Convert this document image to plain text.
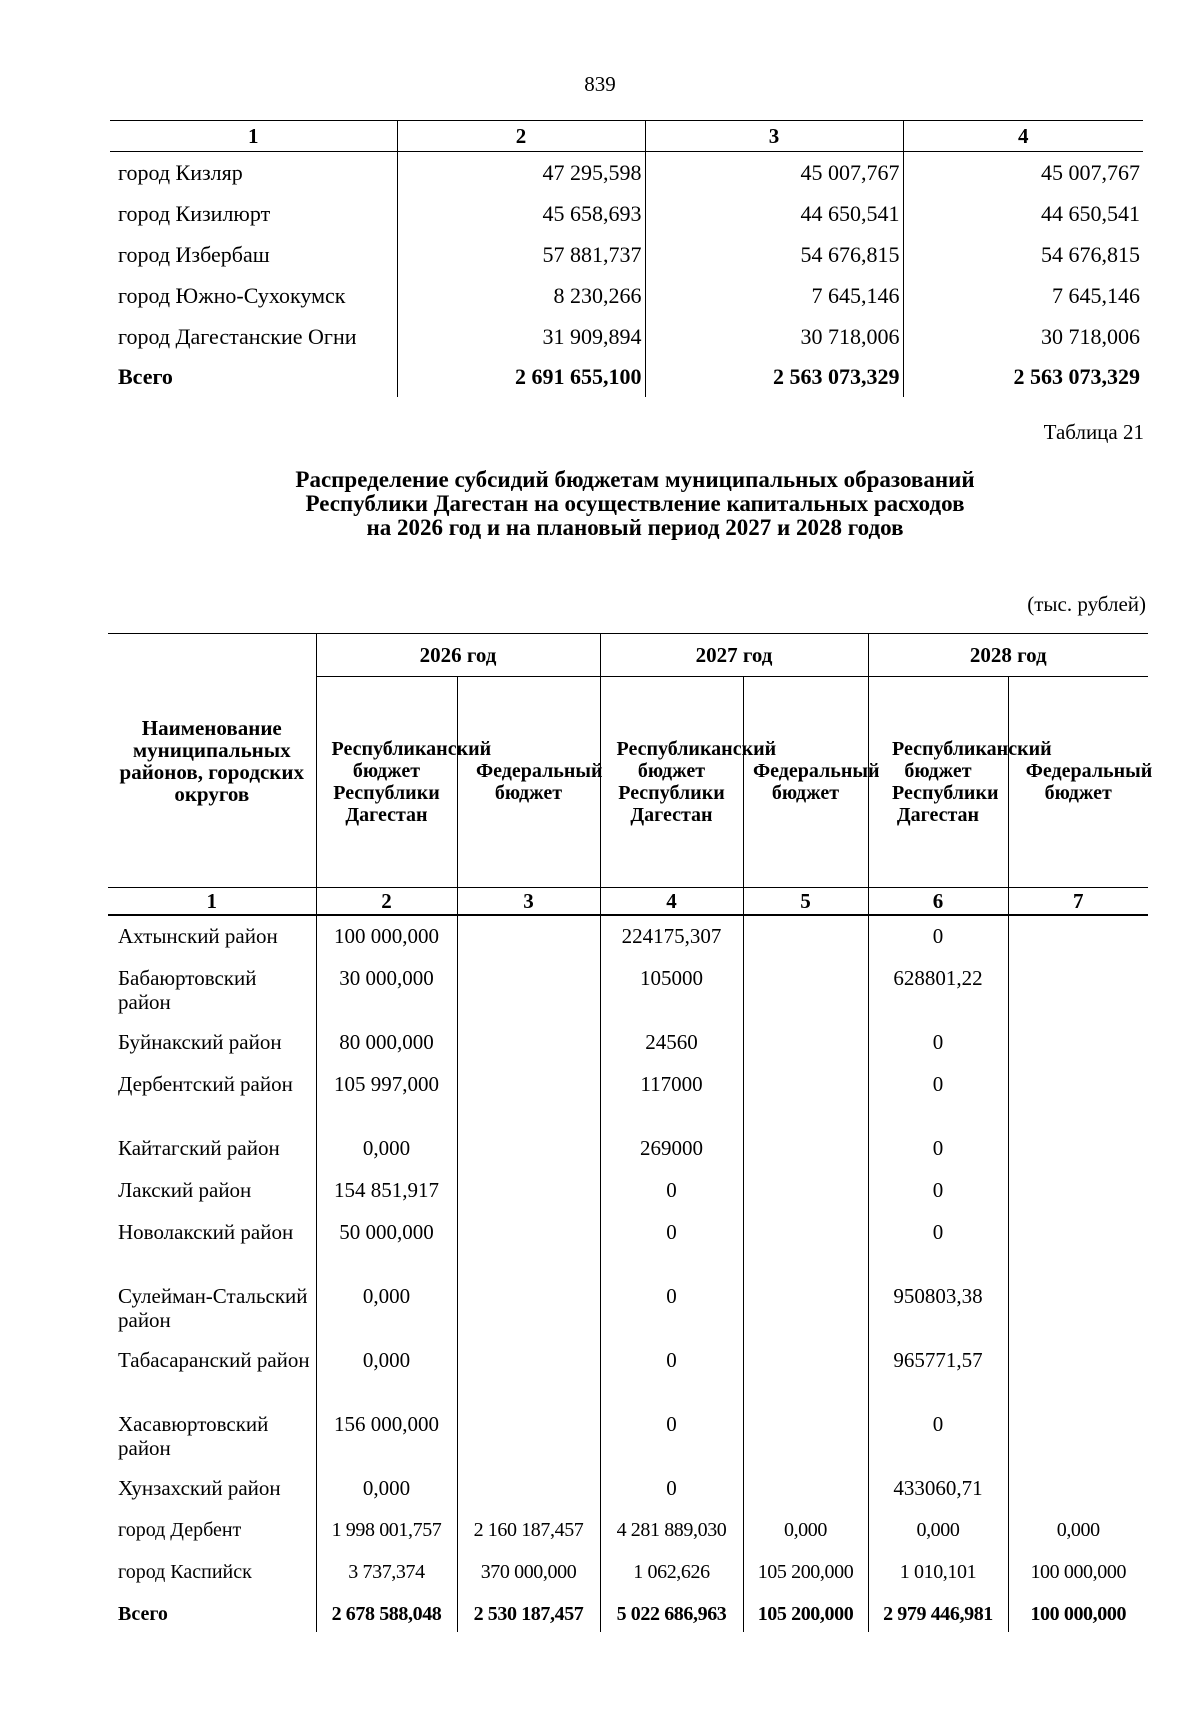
839
1	2	3	4
город Кизляр	47 295,598	45 007,767	45 007,767
город Кизилюрт	45 658,693	44 650,541	44 650,541
город Избербаш	57 881,737	54 676,815	54 676,815
город Южно-Сухокумск	8 230,266	7 645,146	7 645,146
город Дагестанские Огни	31 909,894	30 718,006	30 718,006
Всего	2 691 655,100	2 563 073,329	2 563 073,329
Таблица 21
Распределение субсидий бюджетам муниципальных образований
Республики Дагестан на осуществление капитальных расходов
на 2026 год и на плановый период 2027 и 2028 годов
(тыс. рублей)
Наименование муниципальных районов, городских округов	2026 год		2027 год		2028 год	

	Республиканский бюджет Республики Дагестан	Федеральный бюджет	Республиканский бюджет Республики Дагестан	Федеральный бюджет	Республиканский бюджет Республики Дагестан	Федеральный бюджет

1	2	3	4	5	6	7
Ахтынский район	100 000,000		224175,307		0	
Бабаюртовский район	30 000,000		105000		628801,22	
Буйнакский район	80 000,000		24560		0	
Дербентский район	105 997,000		117000		0	
Кайтагский район	0,000		269000		0	
Лакский район	154 851,917		0		0	
Новолакский район	50 000,000		0		0	
Сулейман-Стальский район	0,000		0		950803,38	
Табасаранский район	0,000		0		965771,57	
Хасавюртовский район	156 000,000		0		0	
Хунзахский район	0,000		0		433060,71	
город Дербент	1 998 001,757	2 160 187,457	4 281 889,030	0,000	0,000	0,000
город Каспийск	3 737,374	370 000,000	1 062,626	105 200,000	1 010,101	100 000,000
Всего	2 678 588,048	2 530 187,457	5 022 686,963	105 200,000	2 979 446,981	100 000,000
